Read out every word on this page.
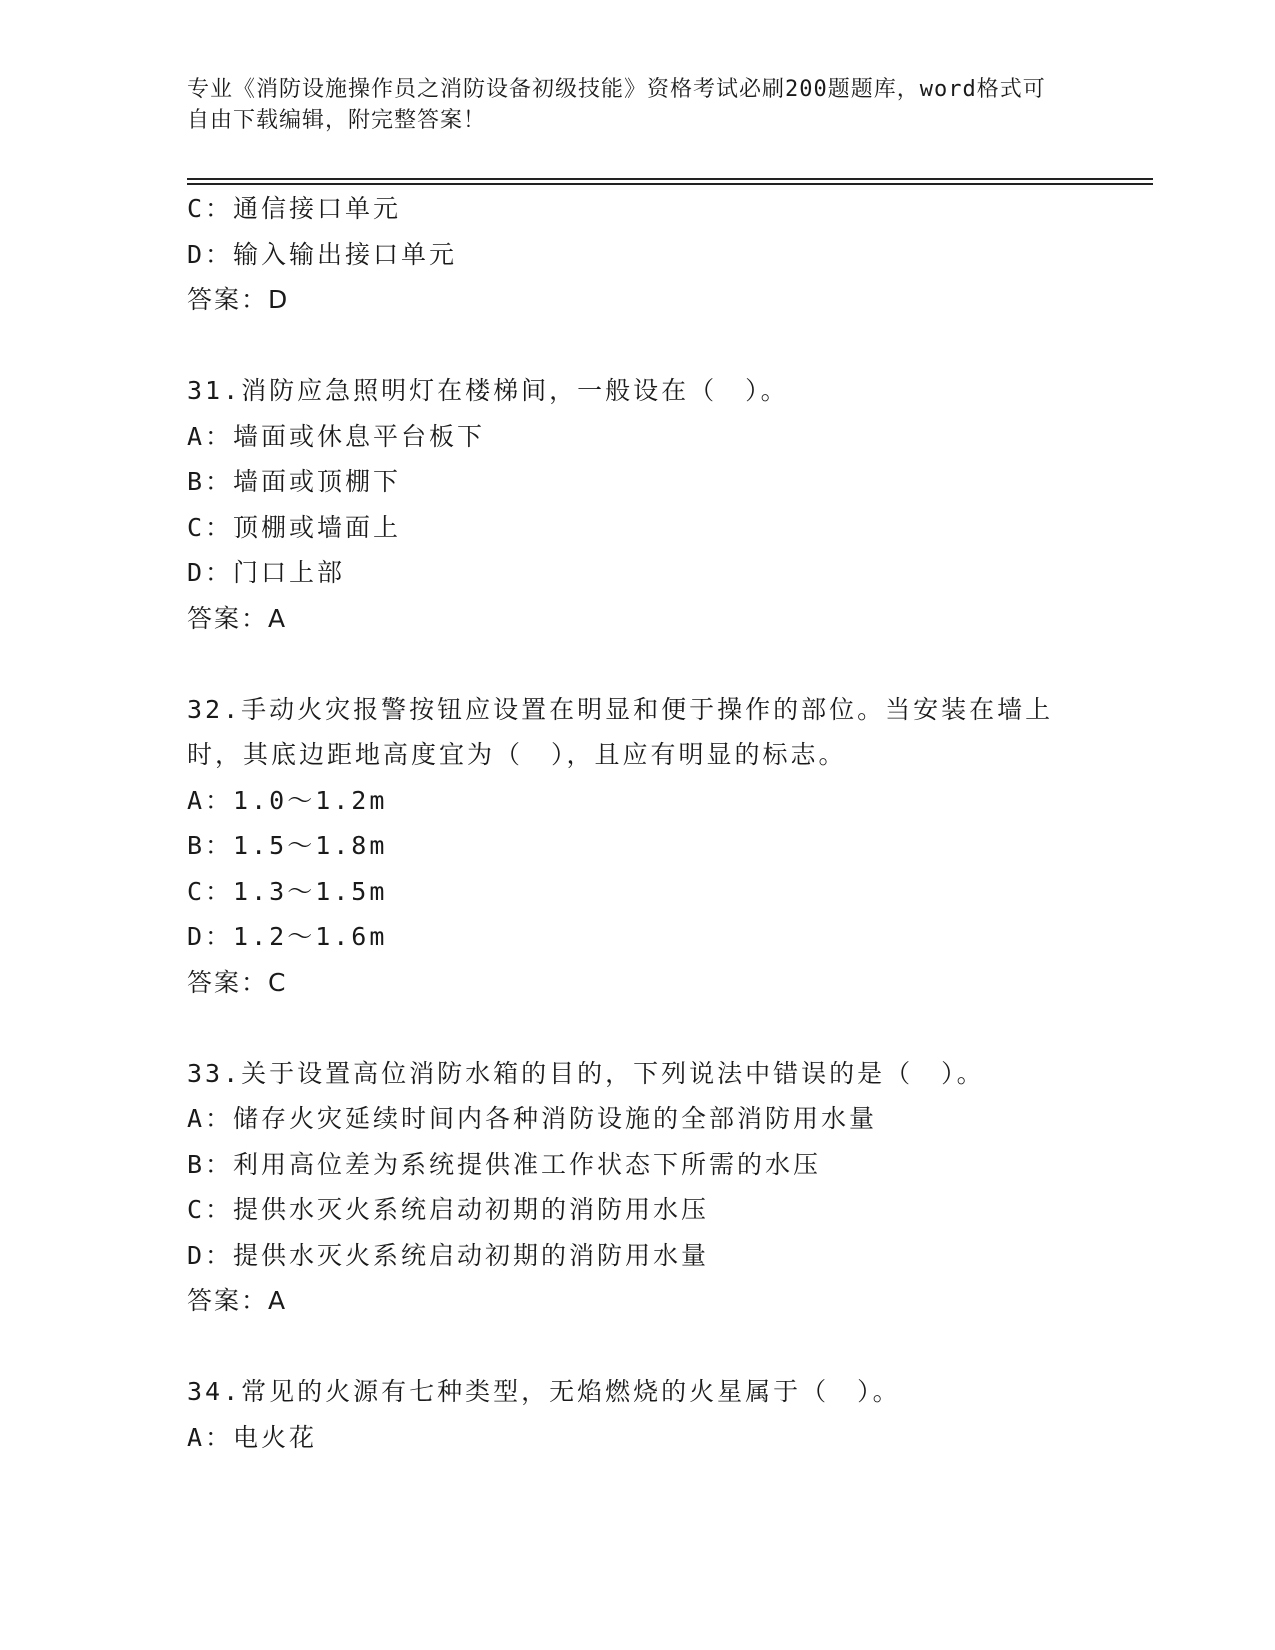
专业《消防设施操作员之消防设备初级技能》资格考试必刷200题题库，word格式可自由下载编辑，附完整答案！
C：通信接口单元
D：输入输出接口单元
答案：D
31.消防应急照明灯在楼梯间，一般设在（　）。
A：墙面或休息平台板下
B：墙面或顶棚下
C：顶棚或墙面上
D：门口上部
答案：A
32.手动火灾报警按钮应设置在明显和便于操作的部位。当安装在墙上时，其底边距地高度宜为（　），且应有明显的标志。
A：1.0～1.2m
B：1.5～1.8m
C：1.3～1.5m
D：1.2～1.6m
答案：C
33.关于设置高位消防水箱的目的，下列说法中错误的是（　）。
A：储存火灾延续时间内各种消防设施的全部消防用水量
B：利用高位差为系统提供准工作状态下所需的水压
C：提供水灭火系统启动初期的消防用水压
D：提供水灭火系统启动初期的消防用水量
答案：A
34.常见的火源有七种类型，无焰燃烧的火星属于（　）。
A：电火花
